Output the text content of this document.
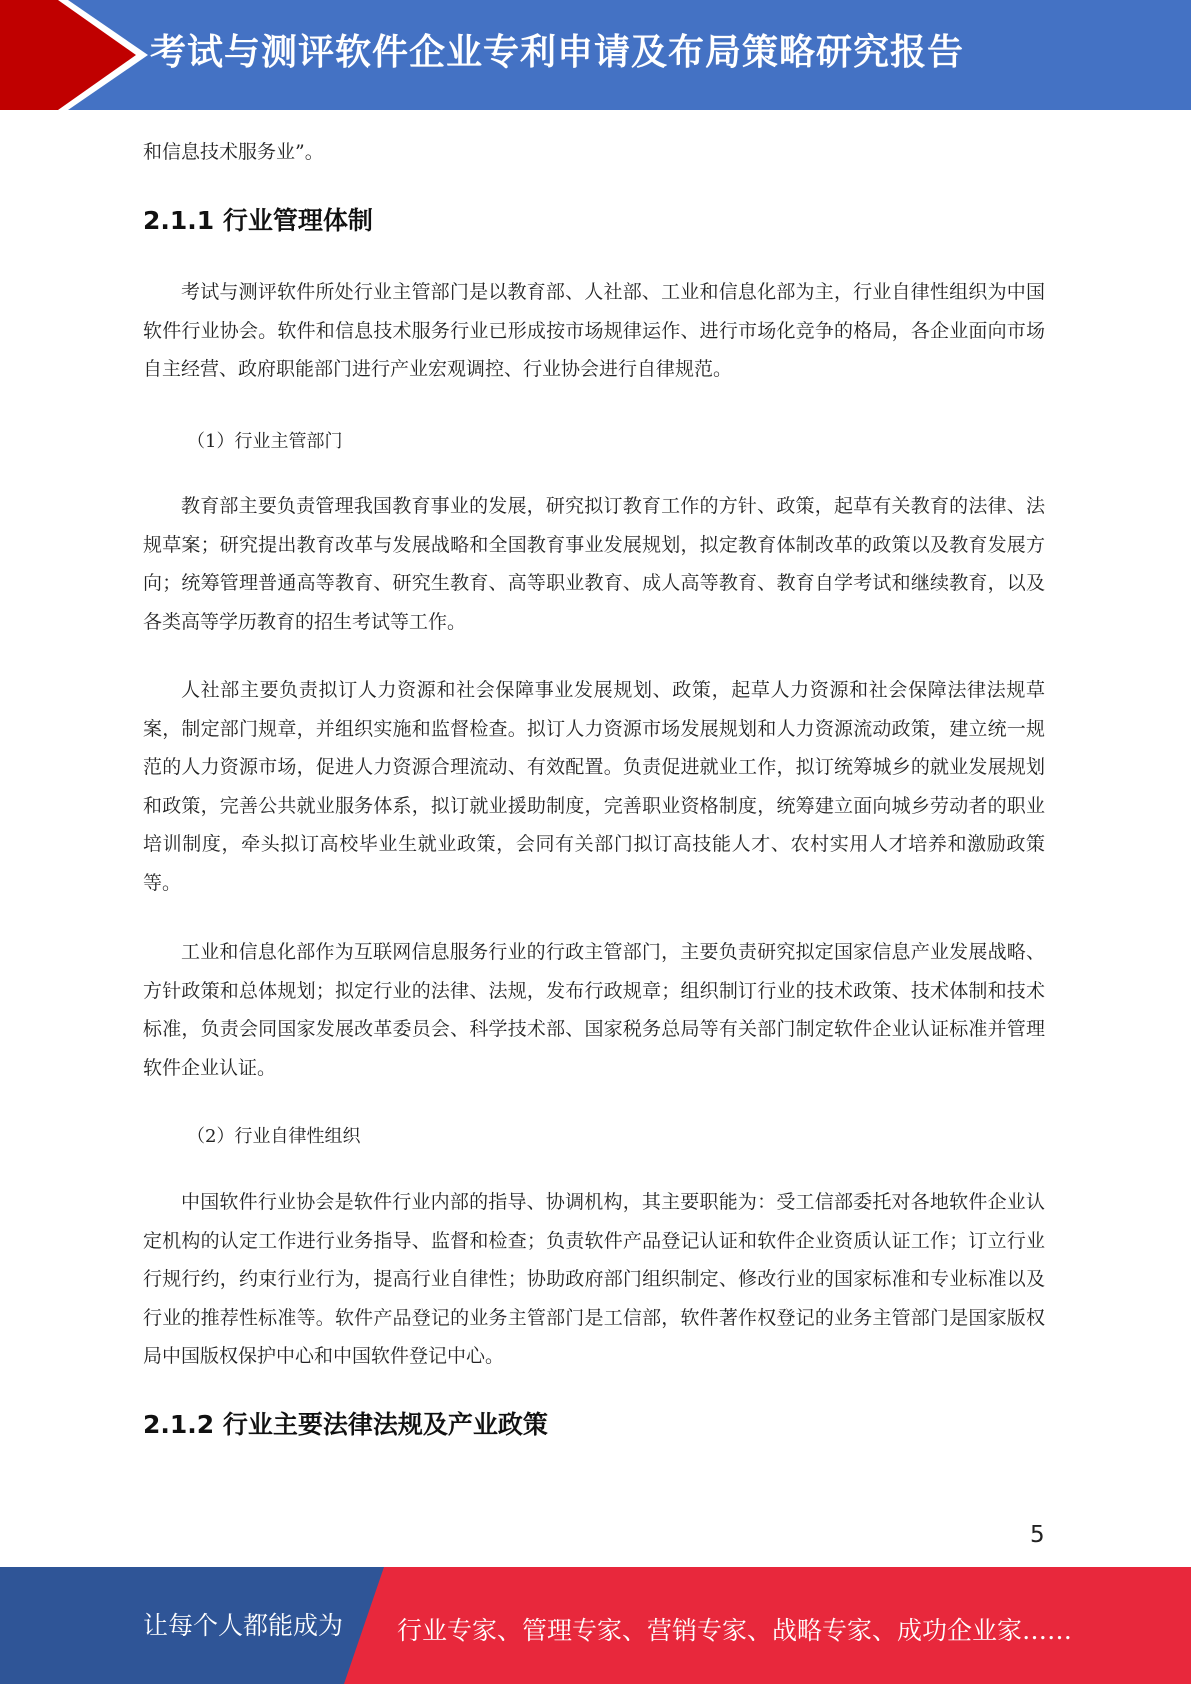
考试与测评软件企业专利申请及布局策略研究报告

和信息技术服务业”。

2.1.1 行业管理体制

考试与测评软件所处行业主管部门是以教育部、人社部、工业和信息化部为主，行业自律性组织为中国软件行业协会。软件和信息技术服务行业已形成按市场规律运作、进行市场化竞争的格局，各企业面向市场自主经营、政府职能部门进行产业宏观调控、行业协会进行自律规范。

（1）行业主管部门

教育部主要负责管理我国教育事业的发展，研究拟订教育工作的方针、政策，起草有关教育的法律、法规草案；研究提出教育改革与发展战略和全国教育事业发展规划，拟定教育体制改革的政策以及教育发展方向；统筹管理普通高等教育、研究生教育、高等职业教育、成人高等教育、教育自学考试和继续教育，以及各类高等学历教育的招生考试等工作。

人社部主要负责拟订人力资源和社会保障事业发展规划、政策，起草人力资源和社会保障法律法规草案，制定部门规章，并组织实施和监督检查。拟订人力资源市场发展规划和人力资源流动政策，建立统一规范的人力资源市场，促进人力资源合理流动、有效配置。负责促进就业工作，拟订统筹城乡的就业发展规划和政策，完善公共就业服务体系，拟订就业援助制度，完善职业资格制度，统筹建立面向城乡劳动者的职业培训制度，牵头拟订高校毕业生就业政策，会同有关部门拟订高技能人才、农村实用人才培养和激励政策等。

工业和信息化部作为互联网信息服务行业的行政主管部门，主要负责研究拟定国家信息产业发展战略、方针政策和总体规划；拟定行业的法律、法规，发布行政规章；组织制订行业的技术政策、技术体制和技术标准，负责会同国家发展改革委员会、科学技术部、国家税务总局等有关部门制定软件企业认证标准并管理软件企业认证。

（2）行业自律性组织

中国软件行业协会是软件行业内部的指导、协调机构，其主要职能为：受工信部委托对各地软件企业认定机构的认定工作进行业务指导、监督和检查；负责软件产品登记认证和软件企业资质认证工作；订立行业行规行约，约束行业行为，提高行业自律性；协助政府部门组织制定、修改行业的国家标准和专业标准以及行业的推荐性标准等。软件产品登记的业务主管部门是工信部，软件著作权登记的业务主管部门是国家版权局中国版权保护中心和中国软件登记中心。

2.1.2 行业主要法律法规及产业政策
5
让每个人都能成为 行业专家、管理专家、营销专家、战略专家、成功企业家……
